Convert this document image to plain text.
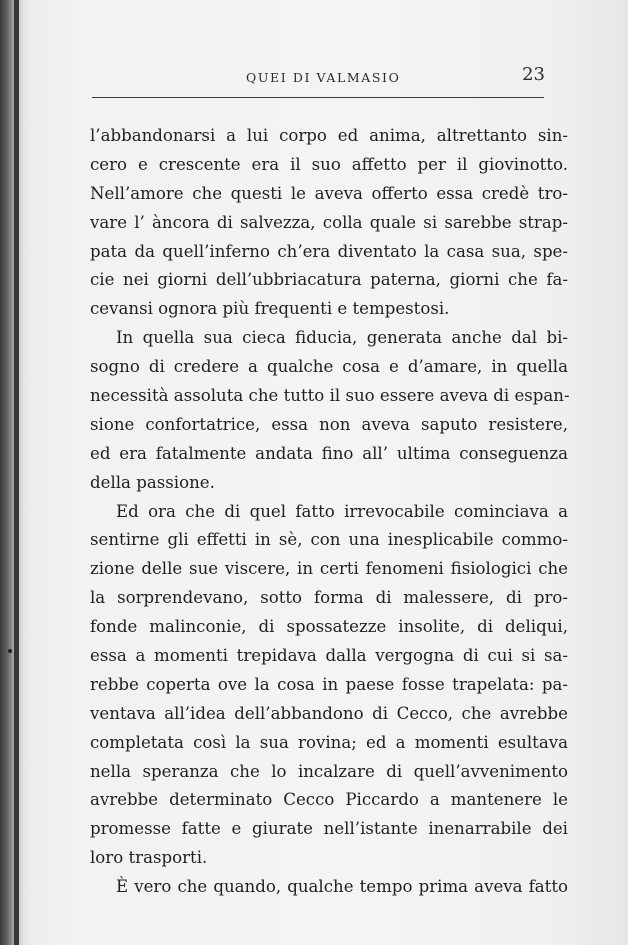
QUEI DI VALMASIO	23
l’abbandonarsi a lui corpo ed anima, altrettanto sin-
cero e crescente era il suo affetto per il giovinotto.
Nell’amore che questi le aveva offerto essa credè tro-
vare l’ àncora di salvezza, colla quale si sarebbe strap-
pata da quell’inferno ch’era diventato la casa sua, spe-
cie nei giorni dell’ubbriacatura paterna, giorni che fa-
cevansi ognora più frequenti e tempestosi.
In quella sua cieca fiducia, generata anche dal bi-
sogno di credere a qualche cosa e d’amare, in quella
necessità assoluta che tutto il suo essere aveva di espan-
sione confortatrice, essa non aveva saputo resistere,
ed era fatalmente andata fino all’ ultima conseguenza
della passione.
Ed ora che di quel fatto irrevocabile cominciava a
sentirne gli effetti in sè, con una inesplicabile commo-
zione delle sue viscere, in certi fenomeni fisiologici che
la sorprendevano, sotto forma di malessere, di pro-
fonde malinconie, di spossatezze insolite, di deliqui,
essa a momenti trepidava dalla vergogna di cui si sa-
rebbe coperta ove la cosa in paese fosse trapelata: pa-
ventava all’idea dell’abbandono di Cecco, che avrebbe
completata così la sua rovina; ed a momenti esultava
nella speranza che lo incalzare di quell’avvenimento
avrebbe determinato Cecco Piccardo a mantenere le
promesse fatte e giurate nell’istante inenarrabile dei
loro trasporti.
È vero che quando, qualche tempo prima aveva fatto
